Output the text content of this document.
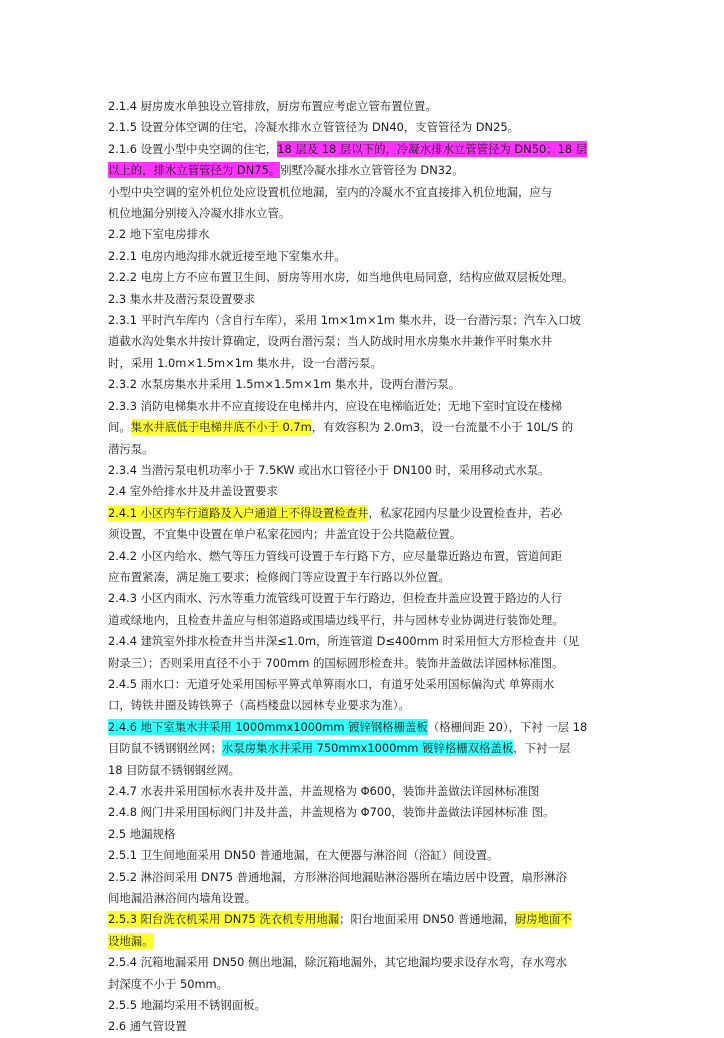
2.1.4 厨房废水单独设立管排放，厨房布置应考虑立管布置位置。

2.1.5 设置分体空调的住宅，冷凝水排水立管管径为 DN40，支管管径为 DN25。

2.1.6 设置小型中央空调的住宅，18 层及 18 层以下的，冷凝水排水立管管径为 DN50；18 层

以上的，排水立管管径为 DN75。别墅冷凝水排水立管管径为 DN32。

小型中央空调的室外机位处应设置机位地漏，室内的冷凝水不宜直接排入机位地漏，应与

机位地漏分别接入冷凝水排水立管。

2.2 地下室电房排水

2.2.1 电房内地沟排水就近接至地下室集水井。

2.2.2 电房上方不应布置卫生间、厨房等用水房，如当地供电局同意，结构应做双层板处理。

2.3 集水井及潜污泵设置要求

2.3.1 平时汽车库内（含自行车库），采用 1m×1m×1m 集水井，设一台潜污泵；汽车入口坡

道截水沟处集水井按计算确定，设两台潜污泵；当人防战时用水房集水井兼作平时集水井

时，采用 1.0m×1.5m×1m 集水井，设一台潜污泵。

2.3.2 水泵房集水井采用 1.5m×1.5m×1m 集水井，设两台潜污泵。

2.3.3 消防电梯集水井不应直接设在电梯井内，应设在电梯临近处；无地下室时宜设在楼梯

间。集水井底低于电梯井底不小于 0.7m，有效容积为 2.0m3，设一台流量不小于 10L/S 的

潜污泵。

2.3.4 当潜污泵电机功率小于 7.5KW 或出水口管径小于 DN100 时，采用移动式水泵。

2.4 室外给排水井及井盖设置要求

2.4.1 小区内车行道路及入户通道上不得设置检查井，私家花园内尽量少设置检查井，若必

须设置，不宜集中设置在单户私家花园内；井盖宜设于公共隐蔽位置。

2.4.2 小区内给水、燃气等压力管线可设置于车行路下方，应尽量靠近路边布置，管道间距

应布置紧凑，满足施工要求；检修阀门等应设置于车行路以外位置。

2.4.3 小区内雨水、污水等重力流管线可设置于车行路边，但检查井盖应设置于路边的人行

道或绿地内，且检查井盖应与相邻道路或围墙边线平行，井与园林专业协调进行装饰处理。

2.4.4 建筑室外排水检查井当井深≤1.0m，所连管道 D≤400mm 时采用恒大方形检查井（见

附录三）；否则采用直径不小于 700mm 的国标圆形检查井。装饰井盖做法详园林标准图。

2.4.5 雨水口：无道牙处采用国标平箅式单箅雨水口，有道牙处采用国标偏沟式 单箅雨水

口，铸铁井圈及铸铁箅子（高档楼盘以园林专业要求为准）。

2.4.6 地下室集水井采用 1000mmx1000mm 镀锌钢格栅盖板（格栅间距 20），下衬 一层 18

目防鼠不锈钢钢丝网；水泵房集水井采用 750mmx1000mm 镀锌格栅双格盖板，下衬一层

18 目防鼠不锈钢钢丝网。

2.4.7 水表井采用国标水表井及井盖，井盖规格为 Φ600，装饰井盖做法详园林标准图

2.4.8 阀门井采用国标阀门井及井盖，井盖规格为 Φ700，装饰井盖做法详园林标准 图。

2.5 地漏规格

2.5.1 卫生间地面采用 DN50 普通地漏，在大便器与淋浴间（浴缸）间设置。

2.5.2 淋浴间采用 DN75 普通地漏，方形淋浴间地漏贴淋浴器所在墙边居中设置，扇形淋浴

间地漏沿淋浴间内墙角设置。

2.5.3 阳台洗衣机采用 DN75 洗衣机专用地漏；阳台地面采用 DN50 普通地漏，厨房地面不

设地漏。

2.5.4 沉箱地漏采用 DN50 侧出地漏，除沉箱地漏外，其它地漏均要求设存水弯，存水弯水

封深度不小于 50mm。

2.5.5 地漏均采用不锈钢面板。

2.6 通气管设置
